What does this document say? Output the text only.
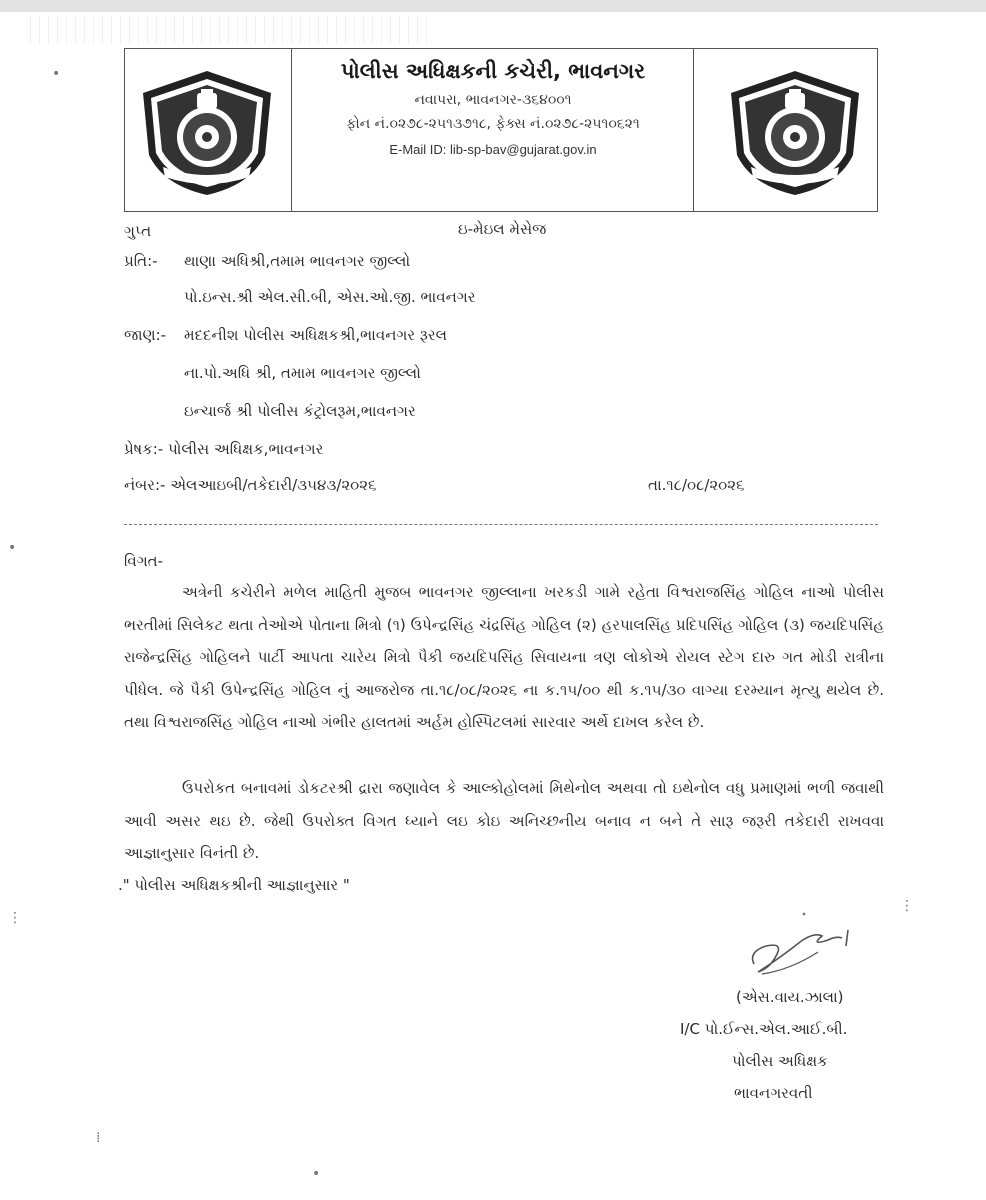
પોલીસ અધિક્ષકની કચેરી, ભાવનગર
નવાપરા, ભાવનગર-૩૬૪૦૦૧
ફોન નં.૦૨૭૮-૨૫૧૩૭૧૮, ફેક્સ નં.૦૨૭૮-૨૫૧૦૬૨૧
E-Mail ID: lib-sp-bav@gujarat.gov.in
ગુપ્ત	ઇ-મેઇલ મેસેજ
પ્રતિ:- થાણા અધિશ્રી,તમામ ભાવનગર જીલ્લો
પો.ઇન્સ.શ્રી એલ.સી.બી, એસ.ઓ.જી. ભાવનગર
જાણ:- મદદનીશ પોલીસ અધિક્ષકશ્રી,ભાવનગર રૂરલ
ના.પો.અધિ શ્રી, તમામ ભાવનગર જીલ્લો
ઇન્ચાર્જ શ્રી પોલીસ કંટ્રોલરૂમ,ભાવનગર
પ્રેષક:- પોલીસ અધિક્ષક,ભાવનગર
નંબર:- એલઆઇબી/તકેદારી/૩૫૪૩/૨૦૨૬	તા.૧૮/૦૮/૨૦૨૬
વિગત-
અત્રેની કચેરીને મળેલ માહિતી મુજબ ભાવનગર જીલ્લાના ખરકડી ગામે રહેતા વિશ્વરાજસિંહ ગોહિલ નાઓ પોલીસ ભરતીમાં સિલેકટ થતા તેઓએ પોતાના મિત્રો (૧) ઉપેન્દ્રસિંહ ચંદ્રસિંહ ગોહિલ (૨) હરપાલસિંહ પ્રદિપસિંહ ગોહિલ (૩) જયદિપસિંહ રાજેન્દ્રસિંહ ગોહિલને પાર્ટી આપતા ચારેય મિત્રો પૈકી જયદિપસિંહ સિવાયના ત્રણ લોકોએ રોયલ સ્ટેગ દારુ ગત મોડી રાત્રીના પીધેલ. જે પૈકી ઉપેન્દ્રસિંહ ગોહિલ નું આજરોજ તા.૧૮/૦૮/૨૦૨૬ ના ક.૧૫/૦૦ થી ક.૧૫/૩૦ વાગ્યા દરમ્યાન મૃત્યુ થયેલ છે. તથા વિશ્વરાજસિંહ ગોહિલ નાઓ ગંભીર હાલતમાં અર્હમ હોસ્પિટલમાં સારવાર અર્થે દાખલ કરેલ છે.
ઉપરોકત બનાવમાં ડોકટરશ્રી દ્રારા જણાવેલ કે આલ્કોહોલમાં મિથેનોલ અથવા તો ઇથેનોલ વધુ પ્રમાણમાં ભળી જવાથી આવી અસર થઇ છે. જેથી ઉપરોક્ત વિગત ધ્યાને લઇ કોઇ અનિચ્છનીય બનાવ ન બને તે સારૂ જરૂરી તકેદારી રાખવવા આજ્ઞાનુસાર વિનંતી છે.
." પોલીસ અધિક્ષકશ્રીની આજ્ઞાનુસાર "
(એસ.વાય.ઝાલા)
I/C પો.ઈન્સ.એલ.આઈ.બી.
પોલીસ અધિક્ષક
ભાવનગરવતી
•
•
⋮
⁞
•
⋮
